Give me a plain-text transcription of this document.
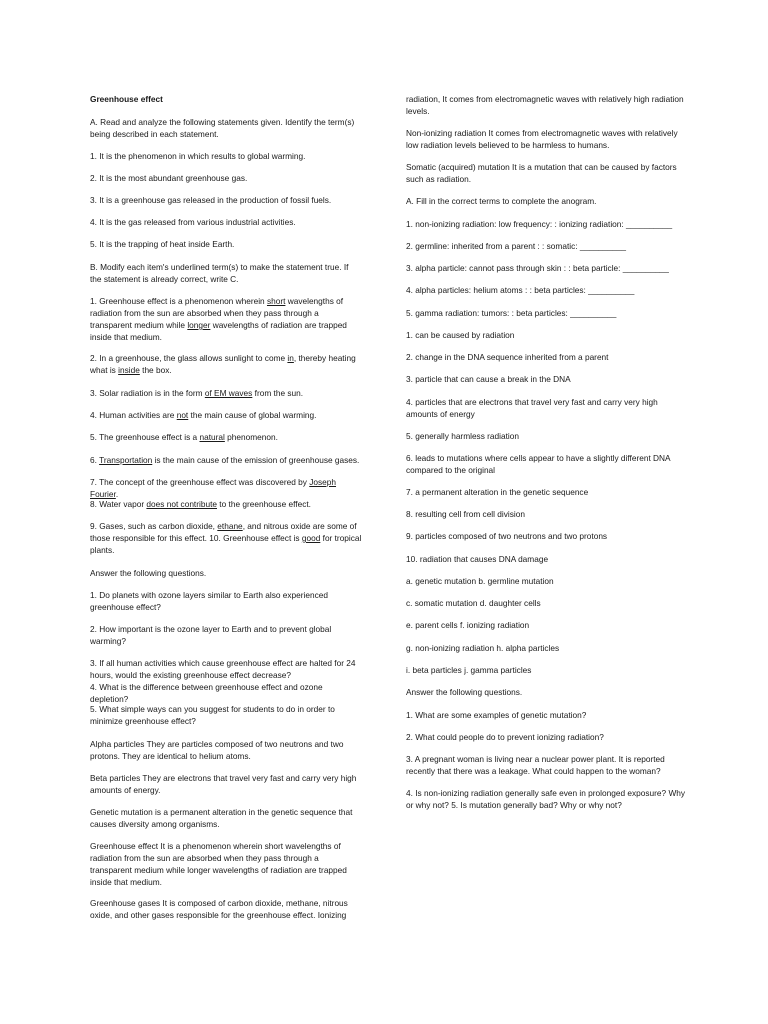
Greenhouse effect

A. Read and analyze the following statements given. Identify the term(s) being described in each statement.

1. It is the phenomenon in which results to global warming.

2. It is the most abundant greenhouse gas.

3. It is a greenhouse gas released in the production of fossil fuels.

4. It is the gas released from various industrial activities.

5. It is the trapping of heat inside Earth.

B. Modify each item's underlined term(s) to make the statement true. If the statement is already correct, write C.

1. Greenhouse effect is a phenomenon wherein short wavelengths of radiation from the sun are absorbed when they pass through a transparent medium while longer wavelengths of radiation are trapped inside that medium.

2. In a greenhouse, the glass allows sunlight to come in, thereby heating what is inside the box.

3. Solar radiation is in the form of EM waves from the sun.

4. Human activities are not the main cause of global warming.

5. The greenhouse effect is a natural phenomenon.

6. Transportation is the main cause of the emission of greenhouse gases.

7. The concept of the greenhouse effect was discovered by Joseph Fourier.

8. Water vapor does not contribute to the greenhouse effect.

9. Gases, such as carbon dioxide, ethane, and nitrous oxide are some of those responsible for this effect. 10. Greenhouse effect is good for tropical plants.

Answer the following questions.

1. Do planets with ozone layers similar to Earth also experienced greenhouse effect?

2. How important is the ozone layer to Earth and to prevent global warming?

3. If all human activities which cause greenhouse effect are halted for 24 hours, would the existing greenhouse effect decrease?

4. What is the difference between greenhouse effect and ozone depletion?

5. What simple ways can you suggest for students to do in order to minimize greenhouse effect?

Alpha particles They are particles composed of two neutrons and two protons. They are identical to helium atoms.

Beta particles They are electrons that travel very fast and carry very high amounts of energy.

Genetic mutation is a permanent alteration in the genetic sequence that causes diversity among organisms.

Greenhouse effect It is a phenomenon wherein short wavelengths of radiation from the sun are absorbed when they pass through a transparent medium while longer wavelengths of radiation are trapped inside that medium.

Greenhouse gases It is composed of carbon dioxide, methane, nitrous oxide, and other gases responsible for the greenhouse effect. Ionizing

radiation, It comes from electromagnetic waves with relatively high radiation levels.

Non-ionizing radiation It comes from electromagnetic waves with relatively low radiation levels believed to be harmless to humans.

Somatic (acquired) mutation It is a mutation that can be caused by factors such as radiation.

A. Fill in the correct terms to complete the anogram.

1. non-ionizing radiation: low frequency: : ionizing radiation: __________

2. germline: inherited from a parent : : somatic: __________

3. alpha particle: cannot pass through skin : : beta particle: __________

4. alpha particles: helium atoms : : beta particles: __________

5. gamma radiation: tumors: : beta particles: __________

1. can be caused by radiation

2. change in the DNA sequence inherited from a parent

3. particle that can cause a break in the DNA

4. particles that are electrons that travel very fast and carry very high amounts of energy

5. generally harmless radiation

6. leads to mutations where cells appear to have a slightly different DNA compared to the original

7. a permanent alteration in the genetic sequence

8. resulting cell from cell division

9. particles composed of two neutrons and two protons

10. radiation that causes DNA damage

a. genetic mutation b. germline mutation

c. somatic mutation d. daughter cells

e. parent cells f. ionizing radiation

g. non-ionizing radiation h. alpha particles

i. beta particles j. gamma particles

Answer the following questions.

1. What are some examples of genetic mutation?

2. What could people do to prevent ionizing radiation?

3. A pregnant woman is living near a nuclear power plant. It is reported recently that there was a leakage. What could happen to the woman?

4. Is non-ionizing radiation generally safe even in prolonged exposure? Why or why not? 5. Is mutation generally bad? Why or why not?
